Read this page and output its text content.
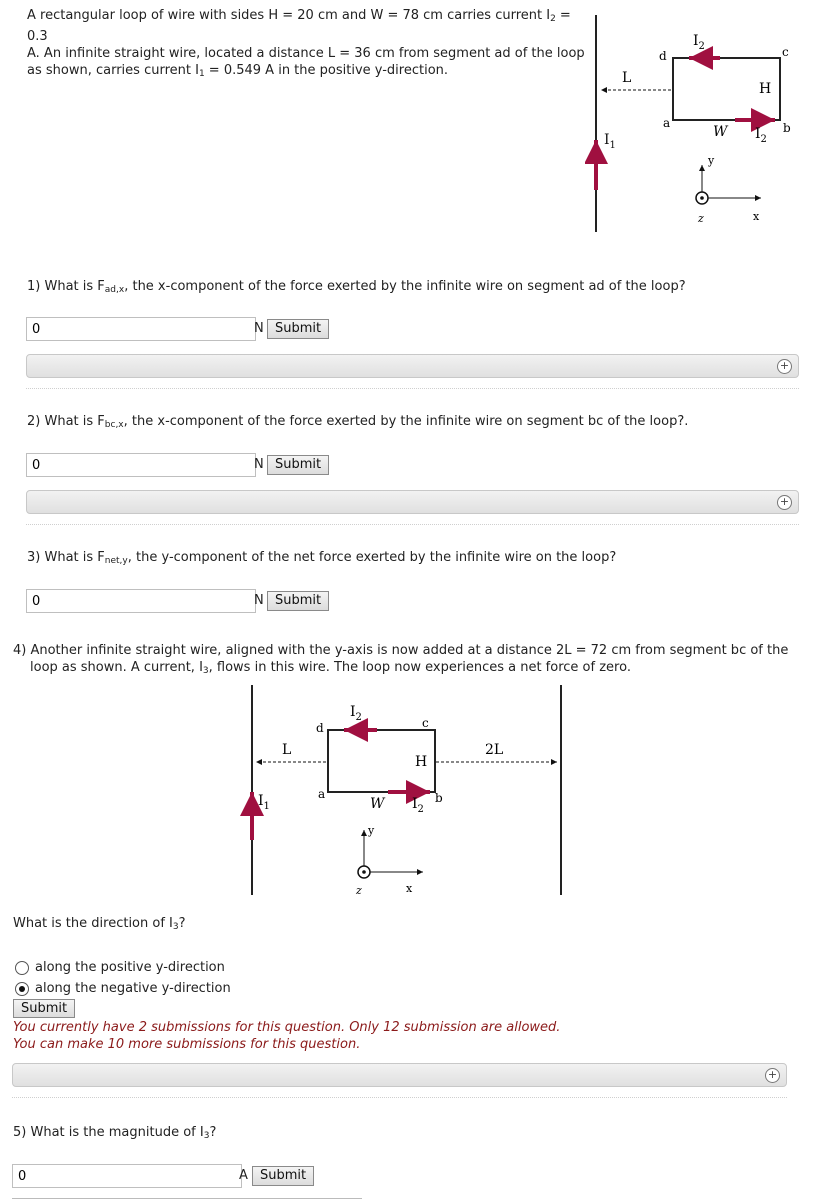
A rectangular loop of wire with sides H = 20 cm and W = 78 cm carries current $I_2 = 0.3$
A. An infinite straight wire, located a distance L = 36 cm from segment ad of the loop
as shown, carries current $I_1 = 0.549$ A in the positive y-direction.
$I_1$
$I_2$
$I_2$
d
a	b
c
H
W
L
y
z	x
1) What is $F_{ad,x}$, the x-component of the force exerted by the infinite wire on segment ad of the loop?
0
N Submit
+
2) What is $F_{bc,x}$, the x-component of the force exerted by the infinite wire on segment bc of the loop?.
0
N Submit
+
3) What is $F_{net,y}$, the y-component of the net force exerted by the infinite wire on the loop?
0
N Submit
4) Another infinite straight wire, aligned with the y-axis is now added at a distance 2L = 72 cm from segment bc of the
loop as shown. A current, $I_3$, flows in this wire. The loop now experiences a net force of zero.
$I_1$
$I_2$
$I_2$
d
a	b
c
H
W
L	2L
y
z	x
What is the direction of $I_3$?
along the positive y-direction
along the negative y-direction
Submit
You currently have 2 submissions for this question. Only 12 submission are allowed.
You can make 10 more submissions for this question.
+
5) What is the magnitude of $I_3$?
0
A Submit
